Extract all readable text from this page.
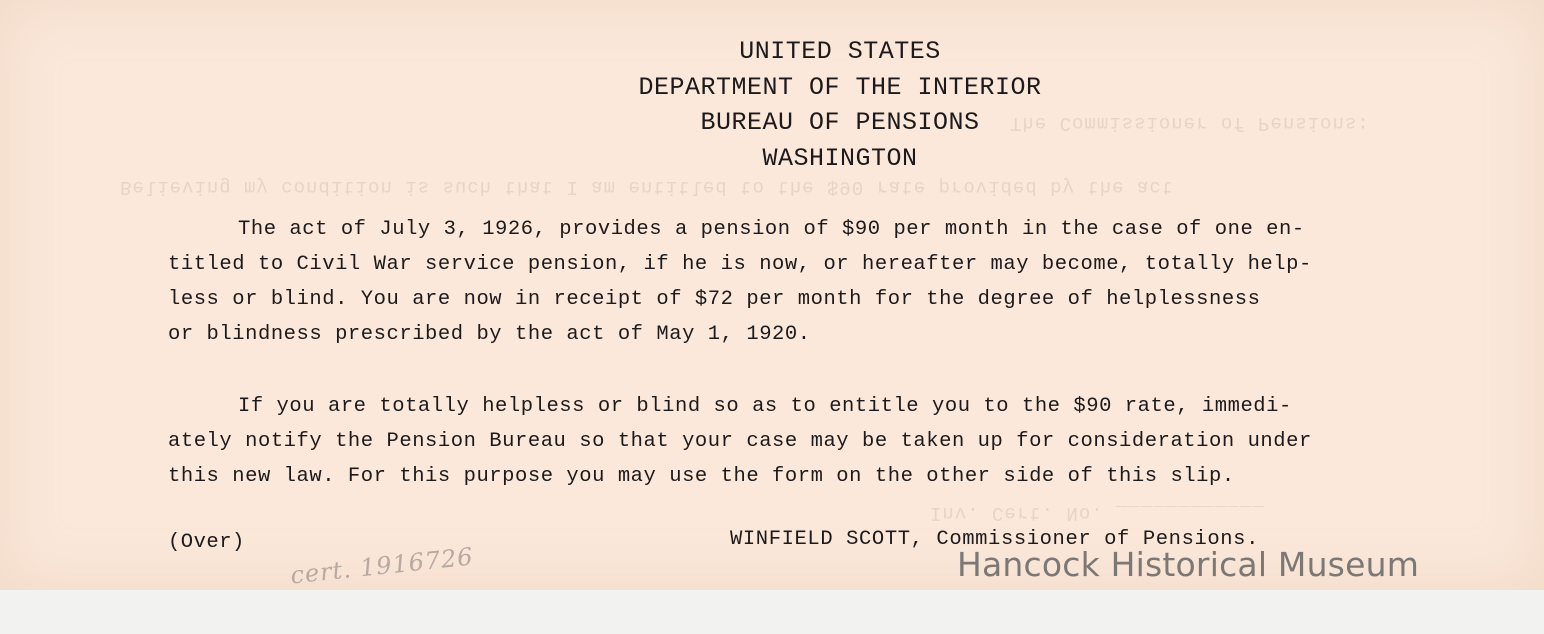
The Commissioner of Pensions:
Believing my condition is such that I am entitled to the $90 rate provided by the act
Inv. Cert. No. ____________
UNITED STATES
DEPARTMENT OF THE INTERIOR
BUREAU OF PENSIONS
WASHINGTON
The act of July 3, 1926, provides a pension of $90 per month in the case of one en-
titled to Civil War service pension, if he is now, or hereafter may become, totally help-
less or blind. You are now in receipt of $72 per month for the degree of helplessness
or blindness prescribed by the act of May 1, 1920.
If you are totally helpless or blind so as to entitle you to the $90 rate, immedi-
ately notify the Pension Bureau so that your case may be taken up for consideration under
this new law. For this purpose you may use the form on the other side of this slip.
(Over)	WINFIELD SCOTT, Commissioner of Pensions.
cert. 1916726	Hancock Historical Museum
